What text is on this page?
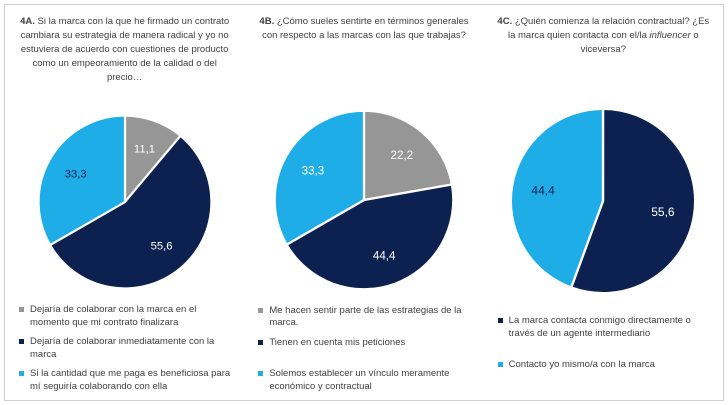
4A. Si la marca con la que he firmado un contrato cambiara su estrategia de manera radical y yo no estuviera de acuerdo con cuestiones de producto como un empeoramiento de la calidad o del precio…
11,1
55,6
33,3
Dejaría de colaborar con la marca en el momento que mi contrato finalizara
Dejaría de colaborar inmediatamente con la marca
Si la cantidad que me paga es beneficiosa para mí seguiría colaborando con ella
4B. ¿Cómo sueles sentirte en términos generales con respecto a las marcas con las que trabajas?
22,2
44,4
33,3
Me hacen sentir parte de las estrategias de la marca.
Tienen en cuenta mis peticiones
Solemos establecer un vínculo meramente económico y contractual
4C. ¿Quién comienza la relación contractual? ¿Es la marca quien contacta con el/la influencer o viceversa?
55,6
44,4
La marca contacta conmigo directamente o través de un agente intermediario
Contacto yo mismo/a con la marca
